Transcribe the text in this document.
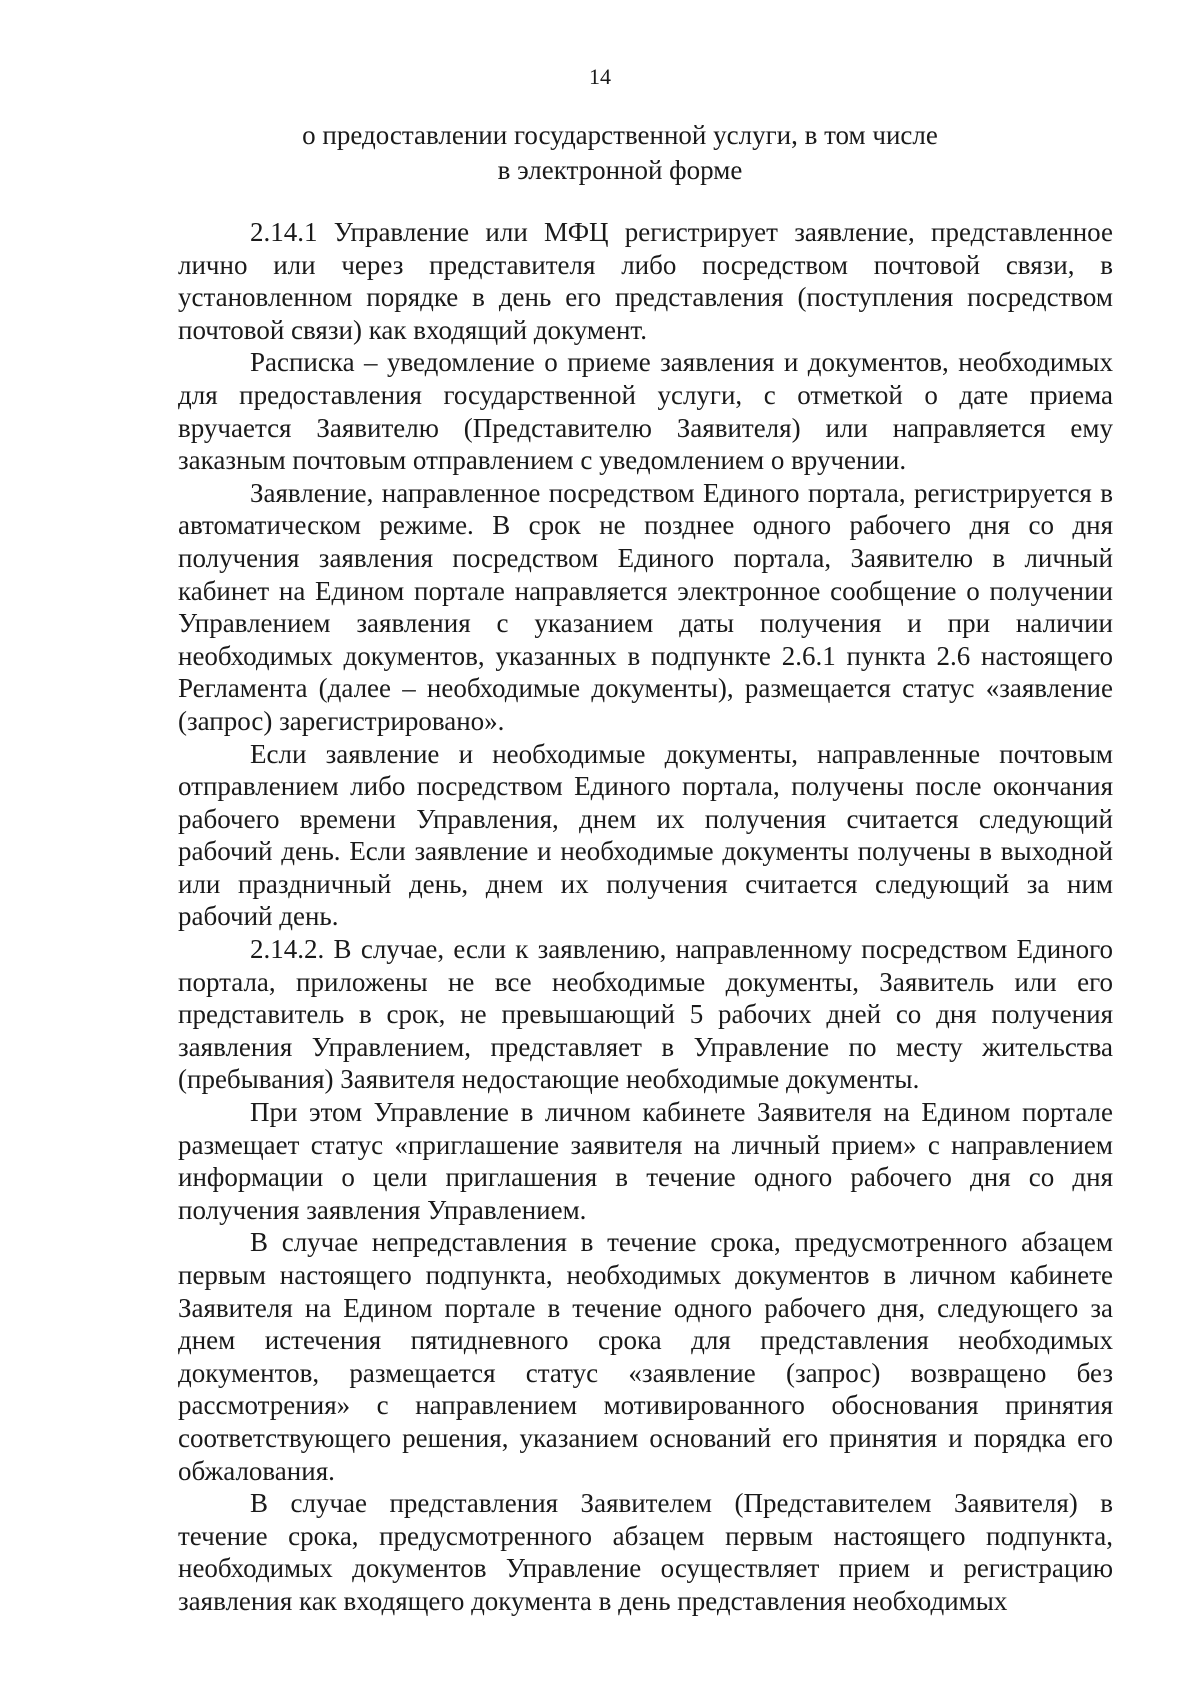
14
о предоставлении государственной услуги, в том числе
в электронной форме

2.14.1 Управление или МФЦ регистрирует заявление, представленное лично или через представителя либо посредством почтовой связи, в установленном порядке в день его представления (поступления посредством почтовой связи) как входящий документ.

Расписка – уведомление о приеме заявления и документов, необходимых для предоставления государственной услуги, с отметкой о дате приема вручается Заявителю (Представителю Заявителя) или направляется ему заказным почтовым отправлением с уведомлением о вручении.

Заявление, направленное посредством Единого портала, регистрируется в автоматическом режиме. В срок не позднее одного рабочего дня со дня получения заявления посредством Единого портала, Заявителю в личный кабинет на Едином портале направляется электронное сообщение о получении Управлением заявления с указанием даты получения и при наличии необходимых документов, указанных в подпункте 2.6.1 пункта 2.6 настоящего Регламента (далее – необходимые документы), размещается статус «заявление (запрос) зарегистрировано».

Если заявление и необходимые документы, направленные почтовым отправлением либо посредством Единого портала, получены после окончания рабочего времени Управления, днем их получения считается следующий рабочий день. Если заявление и необходимые документы получены в выходной или праздничный день, днем их получения считается следующий за ним рабочий день.

2.14.2. В случае, если к заявлению, направленному посредством Единого портала, приложены не все необходимые документы, Заявитель или его представитель в срок, не превышающий 5 рабочих дней со дня получения заявления Управлением, представляет в Управление по месту жительства (пребывания) Заявителя недостающие необходимые документы.

При этом Управление в личном кабинете Заявителя на Едином портале размещает статус «приглашение заявителя на личный прием» с направлением информации о цели приглашения в течение одного рабочего дня со дня получения заявления Управлением.

В случае непредставления в течение срока, предусмотренного абзацем первым настоящего подпункта, необходимых документов в личном кабинете Заявителя на Едином портале в течение одного рабочего дня, следующего за днем истечения пятидневного срока для представления необходимых документов, размещается статус «заявление (запрос) возвращено без рассмотрения» с направлением мотивированного обоснования принятия соответствующего решения, указанием оснований его принятия и порядка его обжалования.

В случае представления Заявителем (Представителем Заявителя) в течение срока, предусмотренного абзацем первым настоящего подпункта, необходимых документов Управление осуществляет прием и регистрацию заявления как входящего документа в день представления необходимых
